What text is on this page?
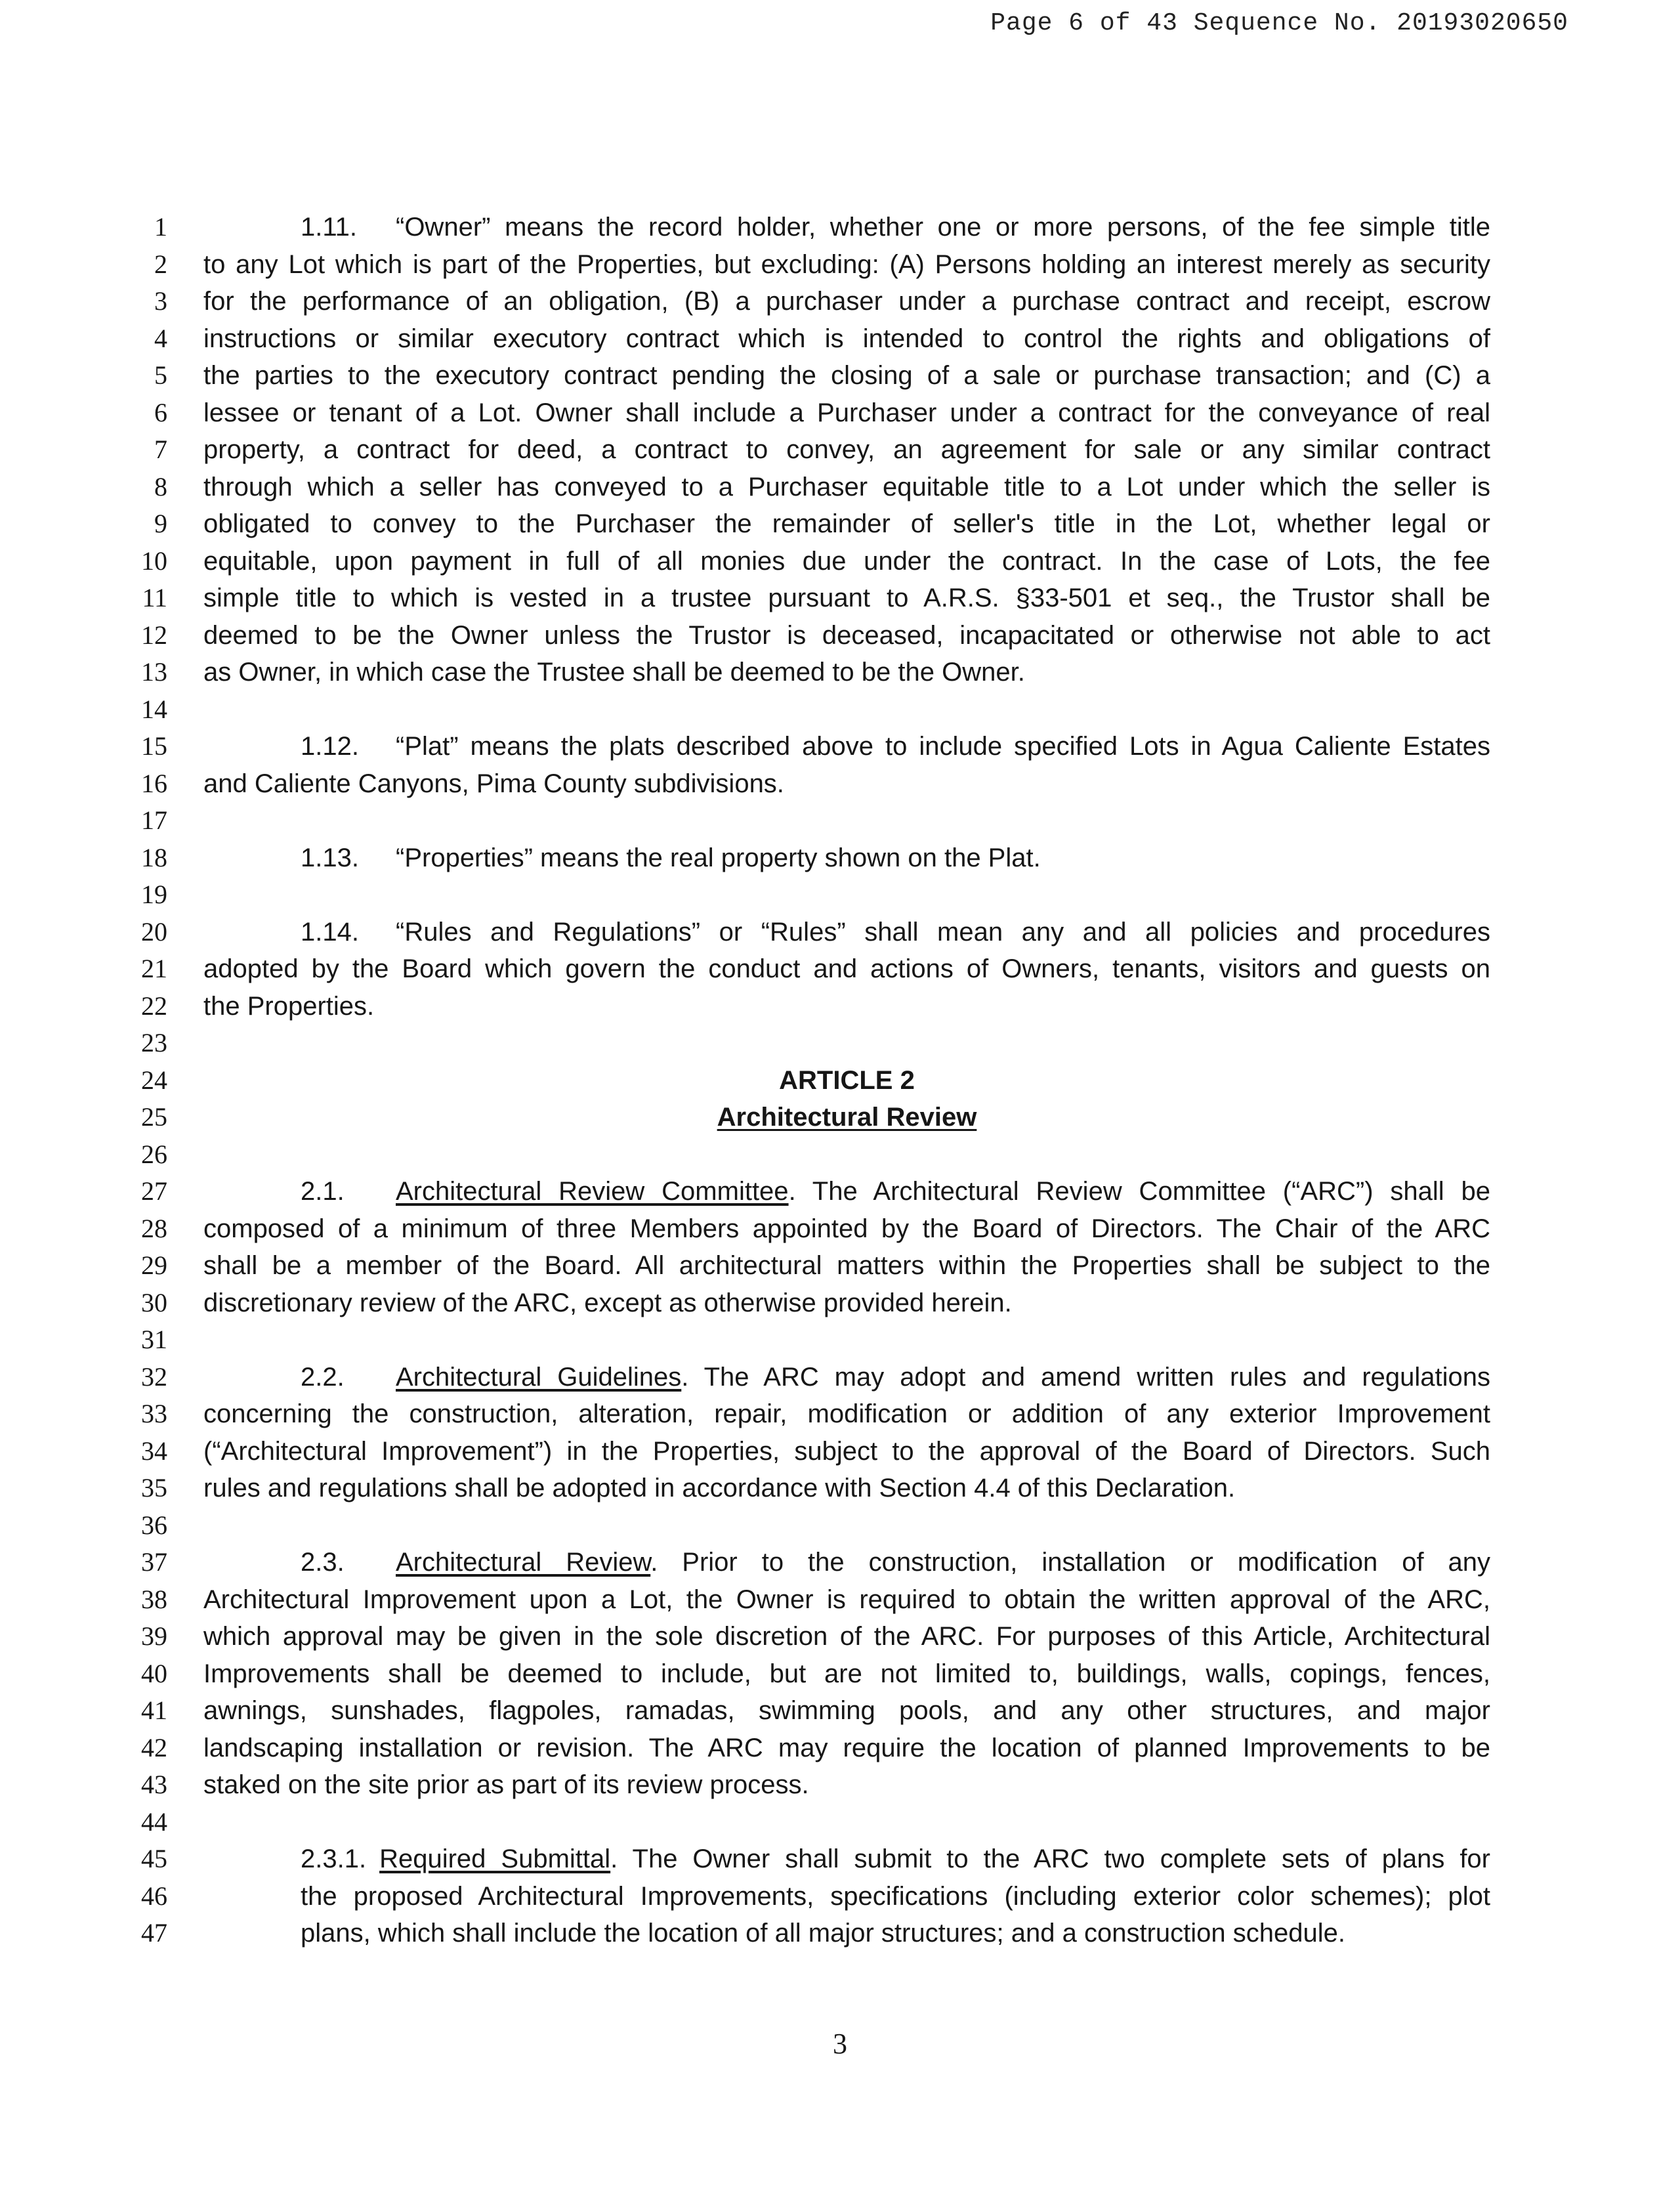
Page 6 of 43 Sequence No. 20193020650
1	1.11. “Owner” means the record holder, whether one or more persons, of the fee simple title
2 to any Lot which is part of the Properties, but excluding: (A) Persons holding an interest merely as security
3 for the performance of an obligation, (B) a purchaser under a purchase contract and receipt, escrow
4 instructions or similar executory contract which is intended to control the rights and obligations of
5 the parties to the executory contract pending the closing of a sale or purchase transaction; and (C) a
6 lessee or tenant of a Lot. Owner shall include a Purchaser under a contract for the conveyance of real
7 property, a contract for deed, a contract to convey, an agreement for sale or any similar contract
8 through which a seller has conveyed to a Purchaser equitable title to a Lot under which the seller is
9 obligated to convey to the Purchaser the remainder of seller's title in the Lot, whether legal or
10 equitable, upon payment in full of all monies due under the contract. In the case of Lots, the fee
11 simple title to which is vested in a trustee pursuant to A.R.S. §33-501 et seq., the Trustor shall be
12 deemed to be the Owner unless the Trustor is deceased, incapacitated or otherwise not able to act
13 as Owner, in which case the Trustee shall be deemed to be the Owner.
14
15	1.12. “Plat” means the plats described above to include specified Lots in Agua Caliente Estates
16 and Caliente Canyons, Pima County subdivisions.
17
18	1.13. “Properties” means the real property shown on the Plat.
19
20	1.14. “Rules and Regulations” or “Rules” shall mean any and all policies and procedures
21 adopted by the Board which govern the conduct and actions of Owners, tenants, visitors and guests on
22 the Properties.
23
24	ARTICLE 2
25	Architectural Review
26
27	2.1. Architectural Review Committee. The Architectural Review Committee (“ARC”) shall be
28 composed of a minimum of three Members appointed by the Board of Directors. The Chair of the ARC
29 shall be a member of the Board. All architectural matters within the Properties shall be subject to the
30 discretionary review of the ARC, except as otherwise provided herein.
31
32	2.2. Architectural Guidelines. The ARC may adopt and amend written rules and regulations
33 concerning the construction, alteration, repair, modification or addition of any exterior Improvement
34 (“Architectural Improvement”) in the Properties, subject to the approval of the Board of Directors. Such
35 rules and regulations shall be adopted in accordance with Section 4.4 of this Declaration.
36
37	2.3. Architectural Review. Prior to the construction, installation or modification of any
38 Architectural Improvement upon a Lot, the Owner is required to obtain the written approval of the ARC,
39 which approval may be given in the sole discretion of the ARC. For purposes of this Article, Architectural
40 Improvements shall be deemed to include, but are not limited to, buildings, walls, copings, fences,
41 awnings, sunshades, flagpoles, ramadas, swimming pools, and any other structures, and major
42 landscaping installation or revision. The ARC may require the location of planned Improvements to be
43 staked on the site prior as part of its review process.
44
45	2.3.1. Required Submittal. The Owner shall submit to the ARC two complete sets of plans for
46	the proposed Architectural Improvements, specifications (including exterior color schemes); plot
47	plans, which shall include the location of all major structures; and a construction schedule.
3
